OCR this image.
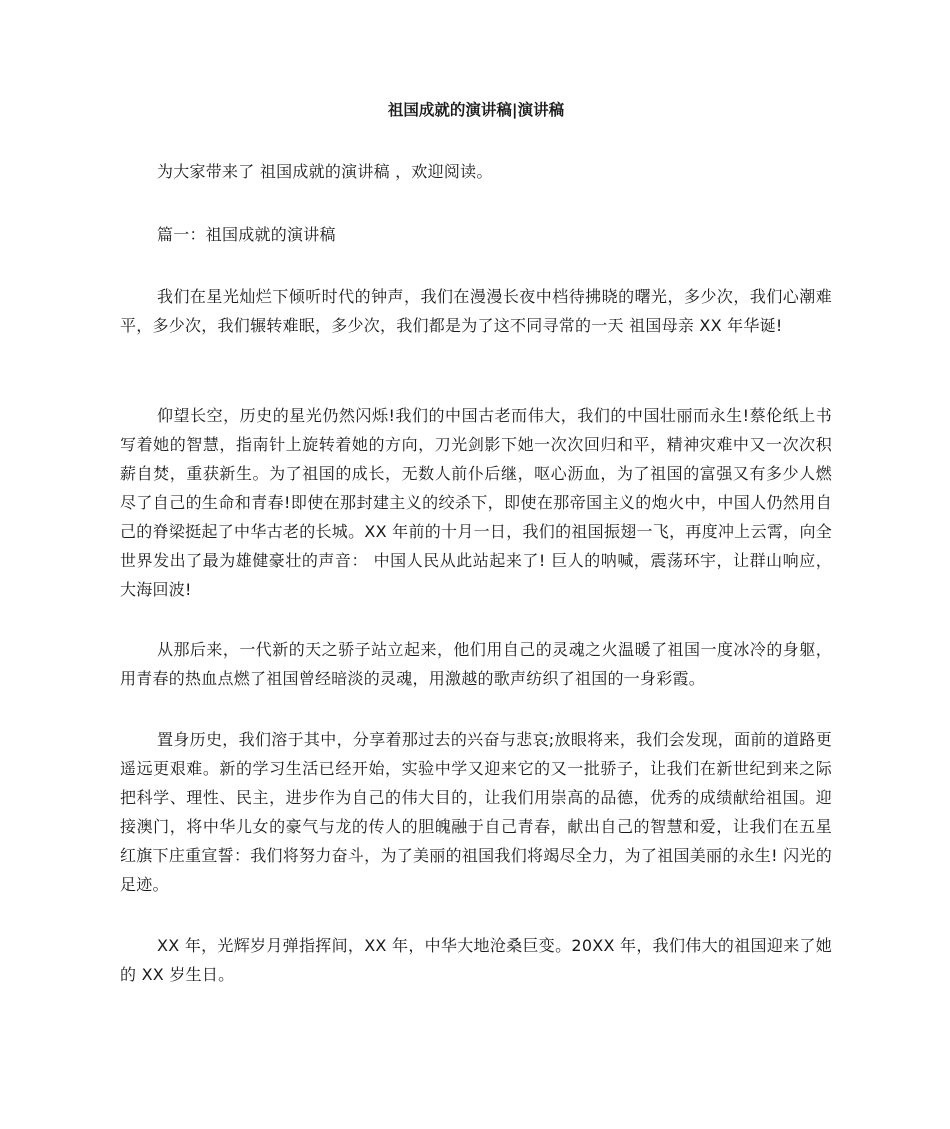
祖国成就的演讲稿|演讲稿

为大家带来了 祖国成就的演讲稿 ，欢迎阅读。

篇一：祖国成就的演讲稿

我们在星光灿烂下倾听时代的钟声，我们在漫漫长夜中档待拂晓的曙光，多少次，我们心潮难平，多少次，我们辗转难眠，多少次，我们都是为了这不同寻常的一天 祖国母亲 XX 年华诞!

仰望长空，历史的星光仍然闪烁!我们的中国古老而伟大，我们的中国壮丽而永生!蔡伦纸上书写着她的智慧，指南针上旋转着她的方向，刀光剑影下她一次次回归和平，精神灾难中又一次次积薪自焚，重获新生。为了祖国的成长，无数人前仆后继，呕心沥血，为了祖国的富强又有多少人燃尽了自己的生命和青春!即使在那封建主义的绞杀下，即使在那帝国主义的炮火中，中国人仍然用自己的脊梁挺起了中华古老的长城。XX 年前的十月一日，我们的祖国振翅一飞，再度冲上云霄，向全世界发出了最为雄健豪壮的声音： 中国人民从此站起来了! 巨人的呐喊，震荡环宇，让群山响应，大海回波!

从那后来，一代新的天之骄子站立起来，他们用自己的灵魂之火温暖了祖国一度冰冷的身躯，用青春的热血点燃了祖国曾经暗淡的灵魂，用激越的歌声纺织了祖国的一身彩霞。

置身历史，我们溶于其中，分享着那过去的兴奋与悲哀;放眼将来，我们会发现，面前的道路更遥远更艰难。新的学习生活已经开始，实验中学又迎来它的又一批骄子，让我们在新世纪到来之际把科学、理性、民主，进步作为自己的伟大目的，让我们用崇高的品德，优秀的成绩献给祖国。迎接澳门，将中华儿女的豪气与龙的传人的胆魄融于自己青春，献出自己的智慧和爱，让我们在五星红旗下庄重宣誓：我们将努力奋斗，为了美丽的祖国我们将竭尽全力，为了祖国美丽的永生! 闪光的足迹。

XX 年，光辉岁月弹指挥间，XX 年，中华大地沧桑巨变。20XX 年，我们伟大的祖国迎来了她的 XX 岁生日。
